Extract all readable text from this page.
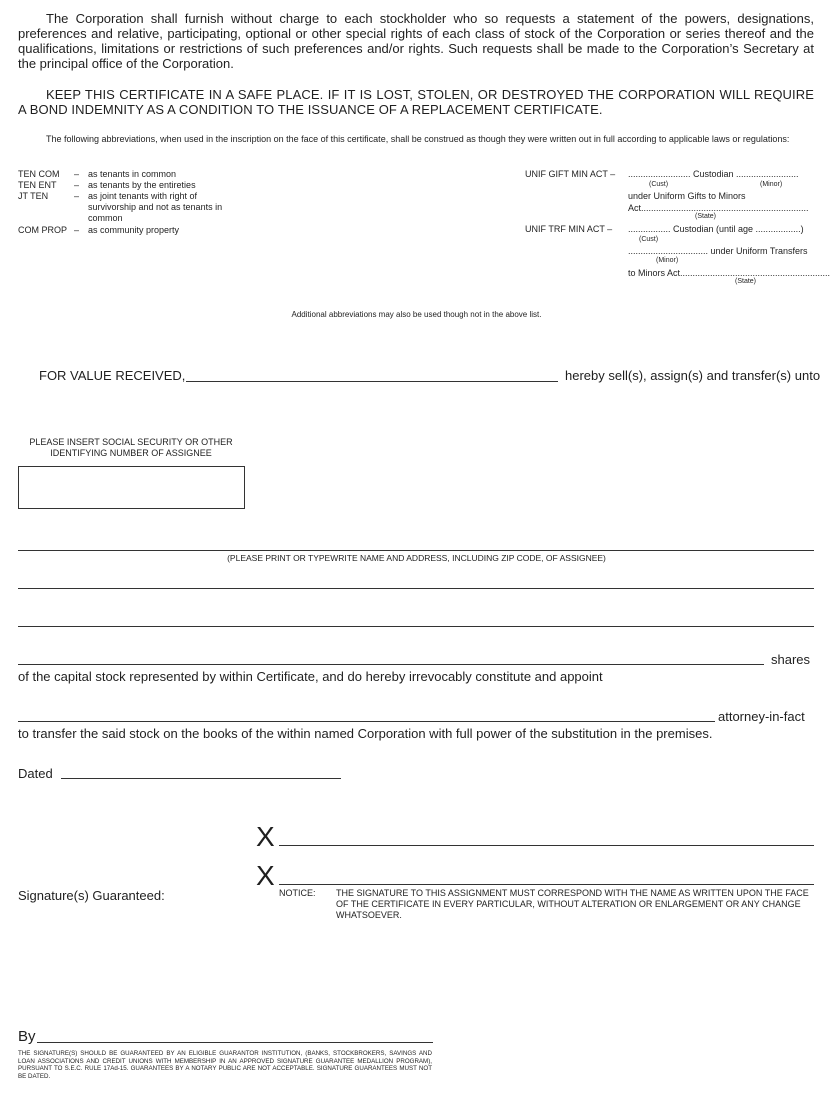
The Corporation shall furnish without charge to each stockholder who so requests a statement of the powers, designations, preferences and relative, participating, optional or other special rights of each class of stock of the Corporation or series thereof and the qualifications, limitations or restrictions of such preferences and/or rights. Such requests shall be made to the Corporation’s Secretary at the principal office of the Corporation.
KEEP THIS CERTIFICATE IN A SAFE PLACE. IF IT IS LOST, STOLEN, OR DESTROYED THE CORPORATION WILL REQUIRE A BOND INDEMNITY AS A CONDITION TO THE ISSUANCE OF A REPLACEMENT CERTIFICATE.
The following abbreviations, when used in the inscription on the face of this certificate, shall be construed as though they were written out in full according to applicable laws or regulations:
TEN COM – as tenants in common
TEN ENT – as tenants by the entireties
JT TEN	– as joint tenants with right of survivorship and not as tenants in common
COM PROP – as community property
UNIF GIFT MIN ACT – ......................... Custodian .........................
(Cust)	(Minor)
under Uniform Gifts to Minors
Act...................................................................
(State)
UNIF TRF MIN ACT – ................. Custodian (until age ..................)
(Cust)
................................ under Uniform Transfers
(Minor)
to Minors Act............................................................
(State)
Additional abbreviations may also be used though not in the above list.
FOR VALUE RECEIVED,	hereby sell(s), assign(s) and transfer(s) unto
PLEASE INSERT SOCIAL SECURITY OR OTHER IDENTIFYING NUMBER OF ASSIGNEE
(PLEASE PRINT OR TYPEWRITE NAME AND ADDRESS, INCLUDING ZIP CODE, OF ASSIGNEE)
shares
of the capital stock represented by within Certificate, and do hereby irrevocably constitute and appoint
attorney-in-fact
to transfer the said stock on the books of the within named Corporation with full power of the substitution in the premises.
Dated
X
X
Signature(s) Guaranteed:	NOTICE: THE SIGNATURE TO THIS ASSIGNMENT MUST CORRESPOND WITH THE NAME AS WRITTEN UPON THE FACE OF THE CERTIFICATE IN EVERY PARTICULAR, WITHOUT ALTERATION OR ENLARGEMENT OR ANY CHANGE WHATSOEVER.
By
THE SIGNATURE(S) SHOULD BE GUARANTEED BY AN ELIGIBLE GUARANTOR INSTITUTION, (BANKS, STOCKBROKERS, SAVINGS AND LOAN ASSOCIATIONS AND CREDIT UNIONS WITH MEMBERSHIP IN AN APPROVED SIGNATURE GUARANTEE MEDALLION PROGRAM), PURSUANT TO S.E.C. RULE 17Ad-15. GUARANTEES BY A NOTARY PUBLIC ARE NOT ACCEPTABLE. SIGNATURE GUARANTEES MUST NOT BE DATED.
